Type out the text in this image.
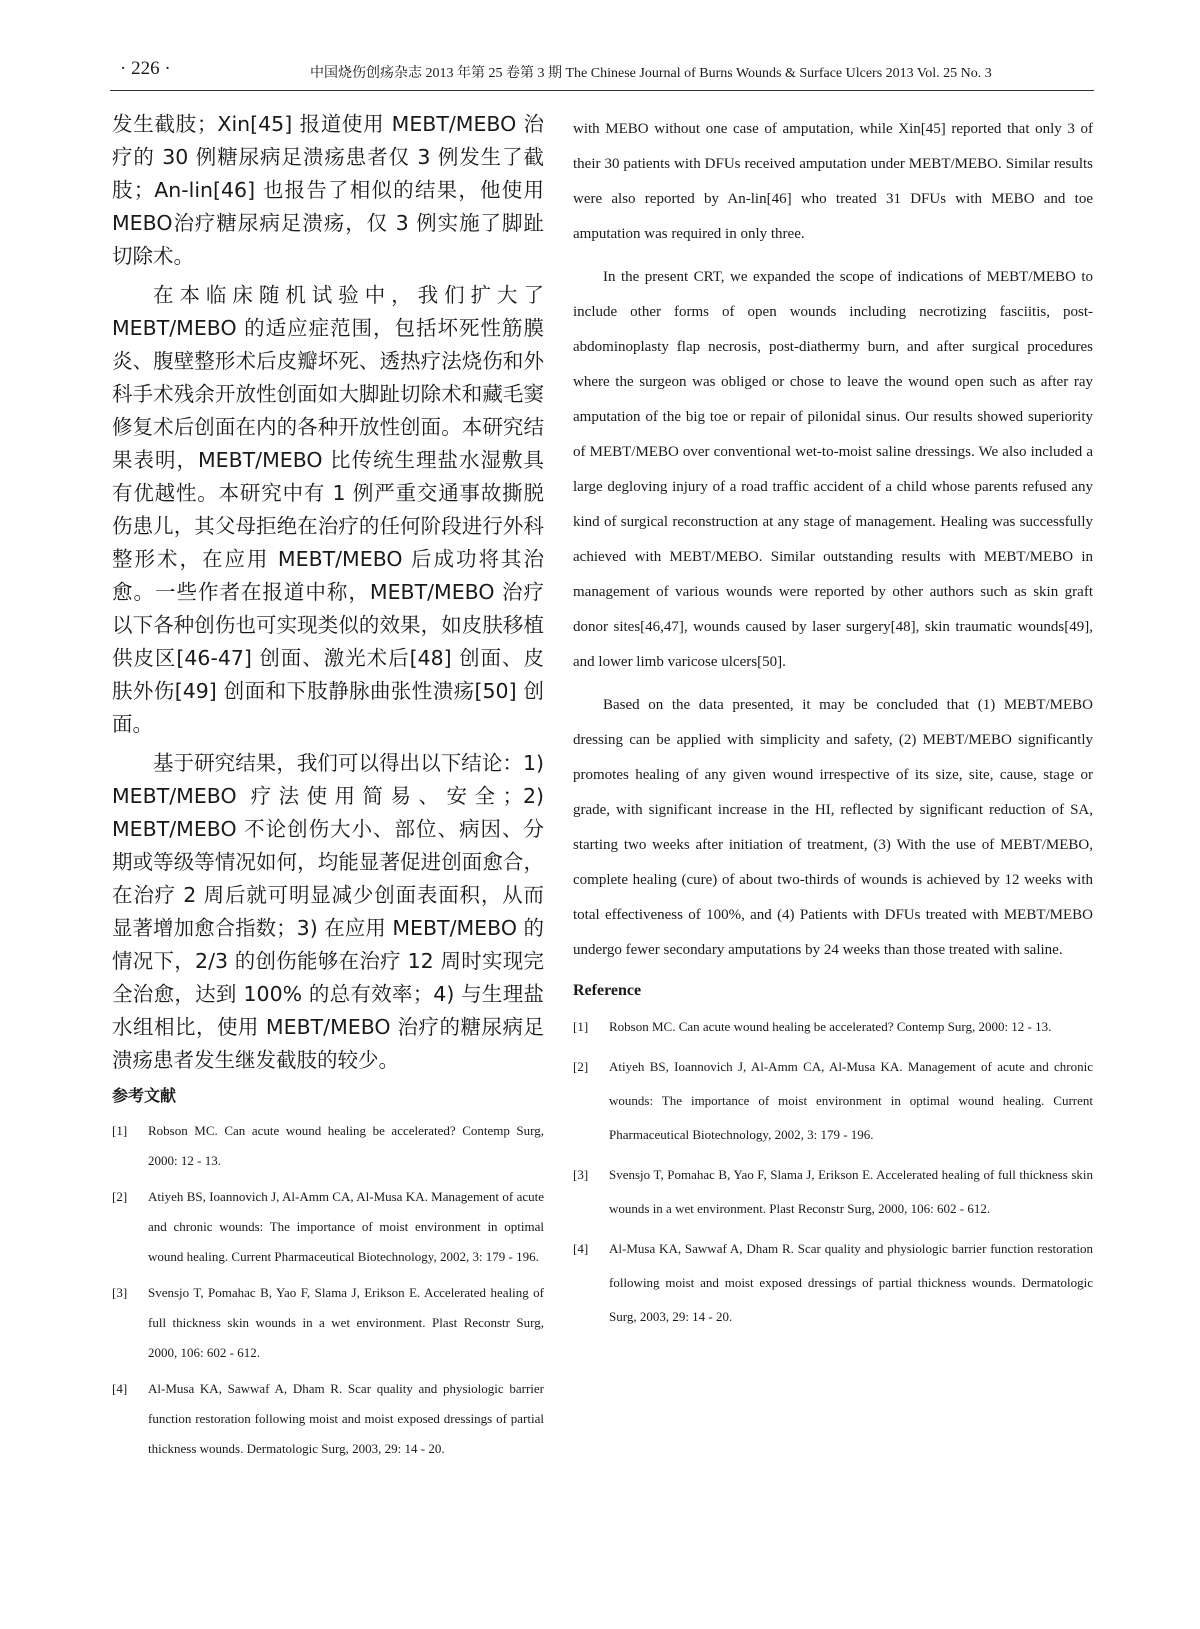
· 226 ·	中国烧伤创疡杂志 2013 年第 25 卷第 3 期 The Chinese Journal of Burns Wounds & Surface Ulcers 2013 Vol. 25 No. 3

发生截肢；Xin[45] 报道使用 MEBT/MEBO 治疗的 30 例糖尿病足溃疡患者仅 3 例发生了截肢；An-lin[46] 也报告了相似的结果，他使用 MEBO治疗糖尿病足溃疡，仅 3 例实施了脚趾切除术。

在本临床随机试验中，我们扩大了 MEBT/MEBO 的适应症范围，包括坏死性筋膜炎、腹壁整形术后皮瓣坏死、透热疗法烧伤和外科手术残余开放性创面如大脚趾切除术和藏毛窦修复术后创面在内的各种开放性创面。本研究结果表明，MEBT/MEBO 比传统生理盐水湿敷具有优越性。本研究中有 1 例严重交通事故撕脱伤患儿，其父母拒绝在治疗的任何阶段进行外科整形术，在应用 MEBT/MEBO 后成功将其治愈。一些作者在报道中称，MEBT/MEBO 治疗以下各种创伤也可实现类似的效果，如皮肤移植供皮区[46-47] 创面、激光术后[48] 创面、皮肤外伤[49] 创面和下肢静脉曲张性溃疡[50] 创面。

基于研究结果，我们可以得出以下结论：1) MEBT/MEBO 疗法使用简易、安全；2) MEBT/MEBO 不论创伤大小、部位、病因、分期或等级等情况如何，均能显著促进创面愈合，在治疗 2 周后就可明显减少创面表面积，从而显著增加愈合指数；3) 在应用 MEBT/MEBO 的情况下，2/3 的创伤能够在治疗 12 周时实现完全治愈，达到 100% 的总有效率；4) 与生理盐水组相比，使用 MEBT/MEBO 治疗的糖尿病足溃疡患者发生继发截肢的较少。

参考文献
[1]	Robson MC. Can acute wound healing be accelerated? Contemp Surg, 2000: 12 - 13.
[2]	Atiyeh BS, Ioannovich J, Al-Amm CA, Al-Musa KA. Management of acute and chronic wounds: The importance of moist environment in optimal wound healing. Current Pharmaceutical Biotechnology, 2002, 3: 179 - 196.
[3]	Svensjo T, Pomahac B, Yao F, Slama J, Erikson E. Accelerated healing of full thickness skin wounds in a wet environment. Plast Reconstr Surg, 2000, 106: 602 - 612.
[4]	Al-Musa KA, Sawwaf A, Dham R. Scar quality and physiologic barrier function restoration following moist and moist exposed dressings of partial thickness wounds. Dermatologic Surg, 2003, 29: 14 - 20.

with MEBO without one case of amputation, while Xin[45] reported that only 3 of their 30 patients with DFUs received amputation under MEBT/MEBO. Similar results were also reported by An-lin[46] who treated 31 DFUs with MEBO and toe amputation was required in only three.

In the present CRT, we expanded the scope of indications of MEBT/MEBO to include other forms of open wounds including necrotizing fasciitis, post-abdominoplasty flap necrosis, post-diathermy burn, and after surgical procedures where the surgeon was obliged or chose to leave the wound open such as after ray amputation of the big toe or repair of pilonidal sinus. Our results showed superiority of MEBT/MEBO over conventional wet-to-moist saline dressings. We also included a large degloving injury of a road traffic accident of a child whose parents refused any kind of surgical reconstruction at any stage of management. Healing was successfully achieved with MEBT/MEBO. Similar outstanding results with MEBT/MEBO in management of various wounds were reported by other authors such as skin graft donor sites[46,47], wounds caused by laser surgery[48], skin traumatic wounds[49], and lower limb varicose ulcers[50].

Based on the data presented, it may be concluded that (1) MEBT/MEBO dressing can be applied with simplicity and safety, (2) MEBT/MEBO significantly promotes healing of any given wound irrespective of its size, site, cause, stage or grade, with significant increase in the HI, reflected by significant reduction of SA, starting two weeks after initiation of treatment, (3) With the use of MEBT/MEBO, complete healing (cure) of about two-thirds of wounds is achieved by 12 weeks with total effectiveness of 100%, and (4) Patients with DFUs treated with MEBT/MEBO undergo fewer secondary amputations by 24 weeks than those treated with saline.

Reference
[1]	Robson MC. Can acute wound healing be accelerated? Contemp Surg, 2000: 12 - 13.
[2]	Atiyeh BS, Ioannovich J, Al-Amm CA, Al-Musa KA. Management of acute and chronic wounds: The importance of moist environment in optimal wound healing. Current Pharmaceutical Biotechnology, 2002, 3: 179 - 196.
[3]	Svensjo T, Pomahac B, Yao F, Slama J, Erikson E. Accelerated healing of full thickness skin wounds in a wet environment. Plast Reconstr Surg, 2000, 106: 602 - 612.
[4]	Al-Musa KA, Sawwaf A, Dham R. Scar quality and physiologic barrier function restoration following moist and moist exposed dressings of partial thickness wounds. Dermatologic Surg, 2003, 29: 14 - 20.
